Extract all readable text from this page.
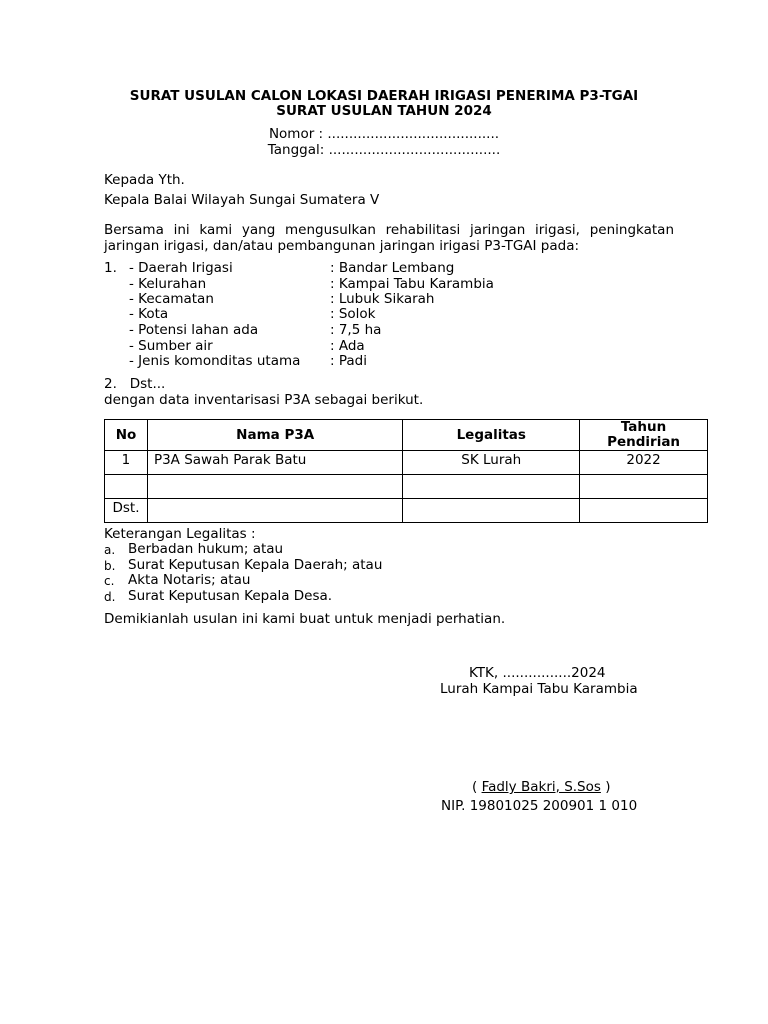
SURAT USULAN CALON LOKASI DAERAH IRIGASI PENERIMA P3-TGAI
SURAT USULAN TAHUN 2024
Nomor : ........................................
Tanggal: ........................................
Kepada Yth.
Kepala Balai Wilayah Sungai Sumatera V
Bersama ini kami yang mengusulkan rehabilitasi jaringan irigasi, peningkatan jaringan irigasi, dan/atau pembangunan jaringan irigasi P3-TGAI pada:
1. - Daerah Irigasi	: Bandar Lembang
- Kelurahan	: Kampai Tabu Karambia
- Kecamatan	: Lubuk Sikarah
- Kota	: Solok
- Potensi lahan ada	: 7,5 ha
- Sumber air	: Ada
- Jenis komonditas utama : Padi
2.   Dst...
dengan data inventarisasi P3A sebagai berikut.
No	Nama P3A	Legalitas	Tahun
Pendirian

1	P3A Sawah Parak Batu	SK Lurah	2022

Dst.			
Keterangan Legalitas :
a. Berbadan hukum; atau
b. Surat Keputusan Kepala Daerah; atau
c. Akta Notaris; atau
d. Surat Keputusan Kepala Desa.
Demikianlah usulan ini kami buat untuk menjadi perhatian.
KTK, ................2024
Lurah Kampai Tabu Karambia
( Fadly Bakri, S.Sos )
NIP. 19801025 200901 1 010
